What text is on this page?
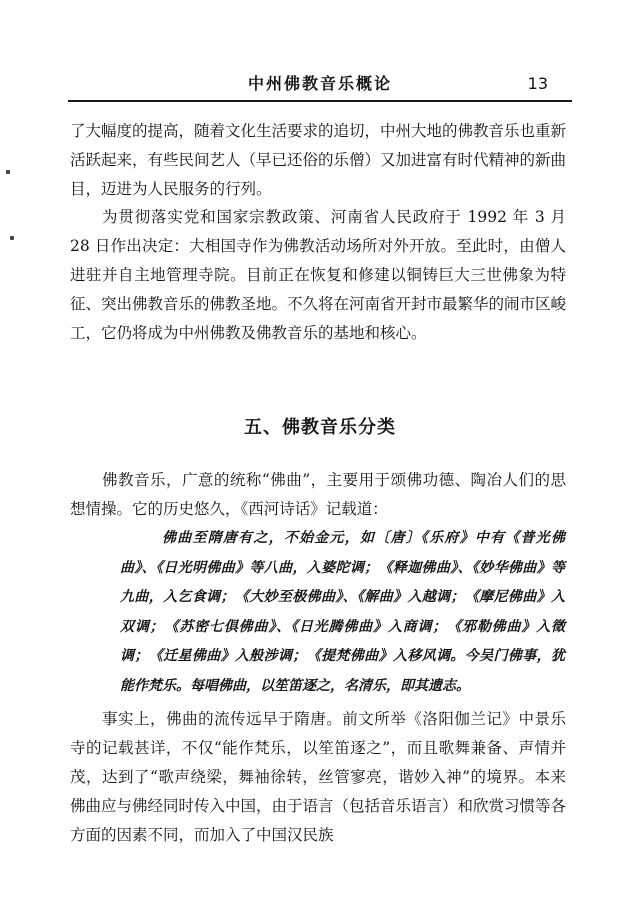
中州佛教音乐概论	13
了大幅度的提高，随着文化生活要求的追切，中州大地的佛教音乐也重新活跃起来，有些民间艺人（早已还俗的乐僧）又加进富有时代精神的新曲目，迈进为人民服务的行列。
为贯彻落实党和国家宗教政策、河南省人民政府于 1992 年 3 月 28 日作出决定：大相国寺作为佛教活动场所对外开放。至此时，由僧人进驻并自主地管理寺院。目前正在恢复和修建以铜铸巨大三世佛象为特征、突出佛教音乐的佛教圣地。不久将在河南省开封市最繁华的闹市区峻工，它仍将成为中州佛教及佛教音乐的基地和核心。
五、佛教音乐分类
佛教音乐，广意的统称“佛曲”，主要用于颂佛功德、陶冶人们的思想情操。它的历史悠久，《西河诗话》记载道：
佛曲至隋唐有之，不始金元，如〔唐〕《乐府》中有《普光佛曲》、《日光明佛曲》等八曲，入婆陀调；《释迦佛曲》、《妙华佛曲》等九曲，入乞食调；《大妙至极佛曲》、《解曲》入越调；《摩尼佛曲》入双调；《苏密七俱佛曲》、《日光腾佛曲》入商调；《邪勒佛曲》入徵调；《迁星佛曲》入般涉调；《提梵佛曲》入移风调。今吴门佛事，犹能作梵乐。每唱佛曲，以笙笛逐之，名清乐，即其遗志。
事实上，佛曲的流传远早于隋唐。前文所举《洛阳伽兰记》中景乐寺的记载甚详，不仅“能作梵乐，以笙笛逐之”，而且歌舞兼备、声情并茂，达到了“歌声绕梁，舞袖徐转，丝管寥亮，谐妙入神”的境界。本来佛曲应与佛经同时传入中国，由于语言（包括音乐语言）和欣赏习惯等各方面的因素不同，而加入了中国汉民族
